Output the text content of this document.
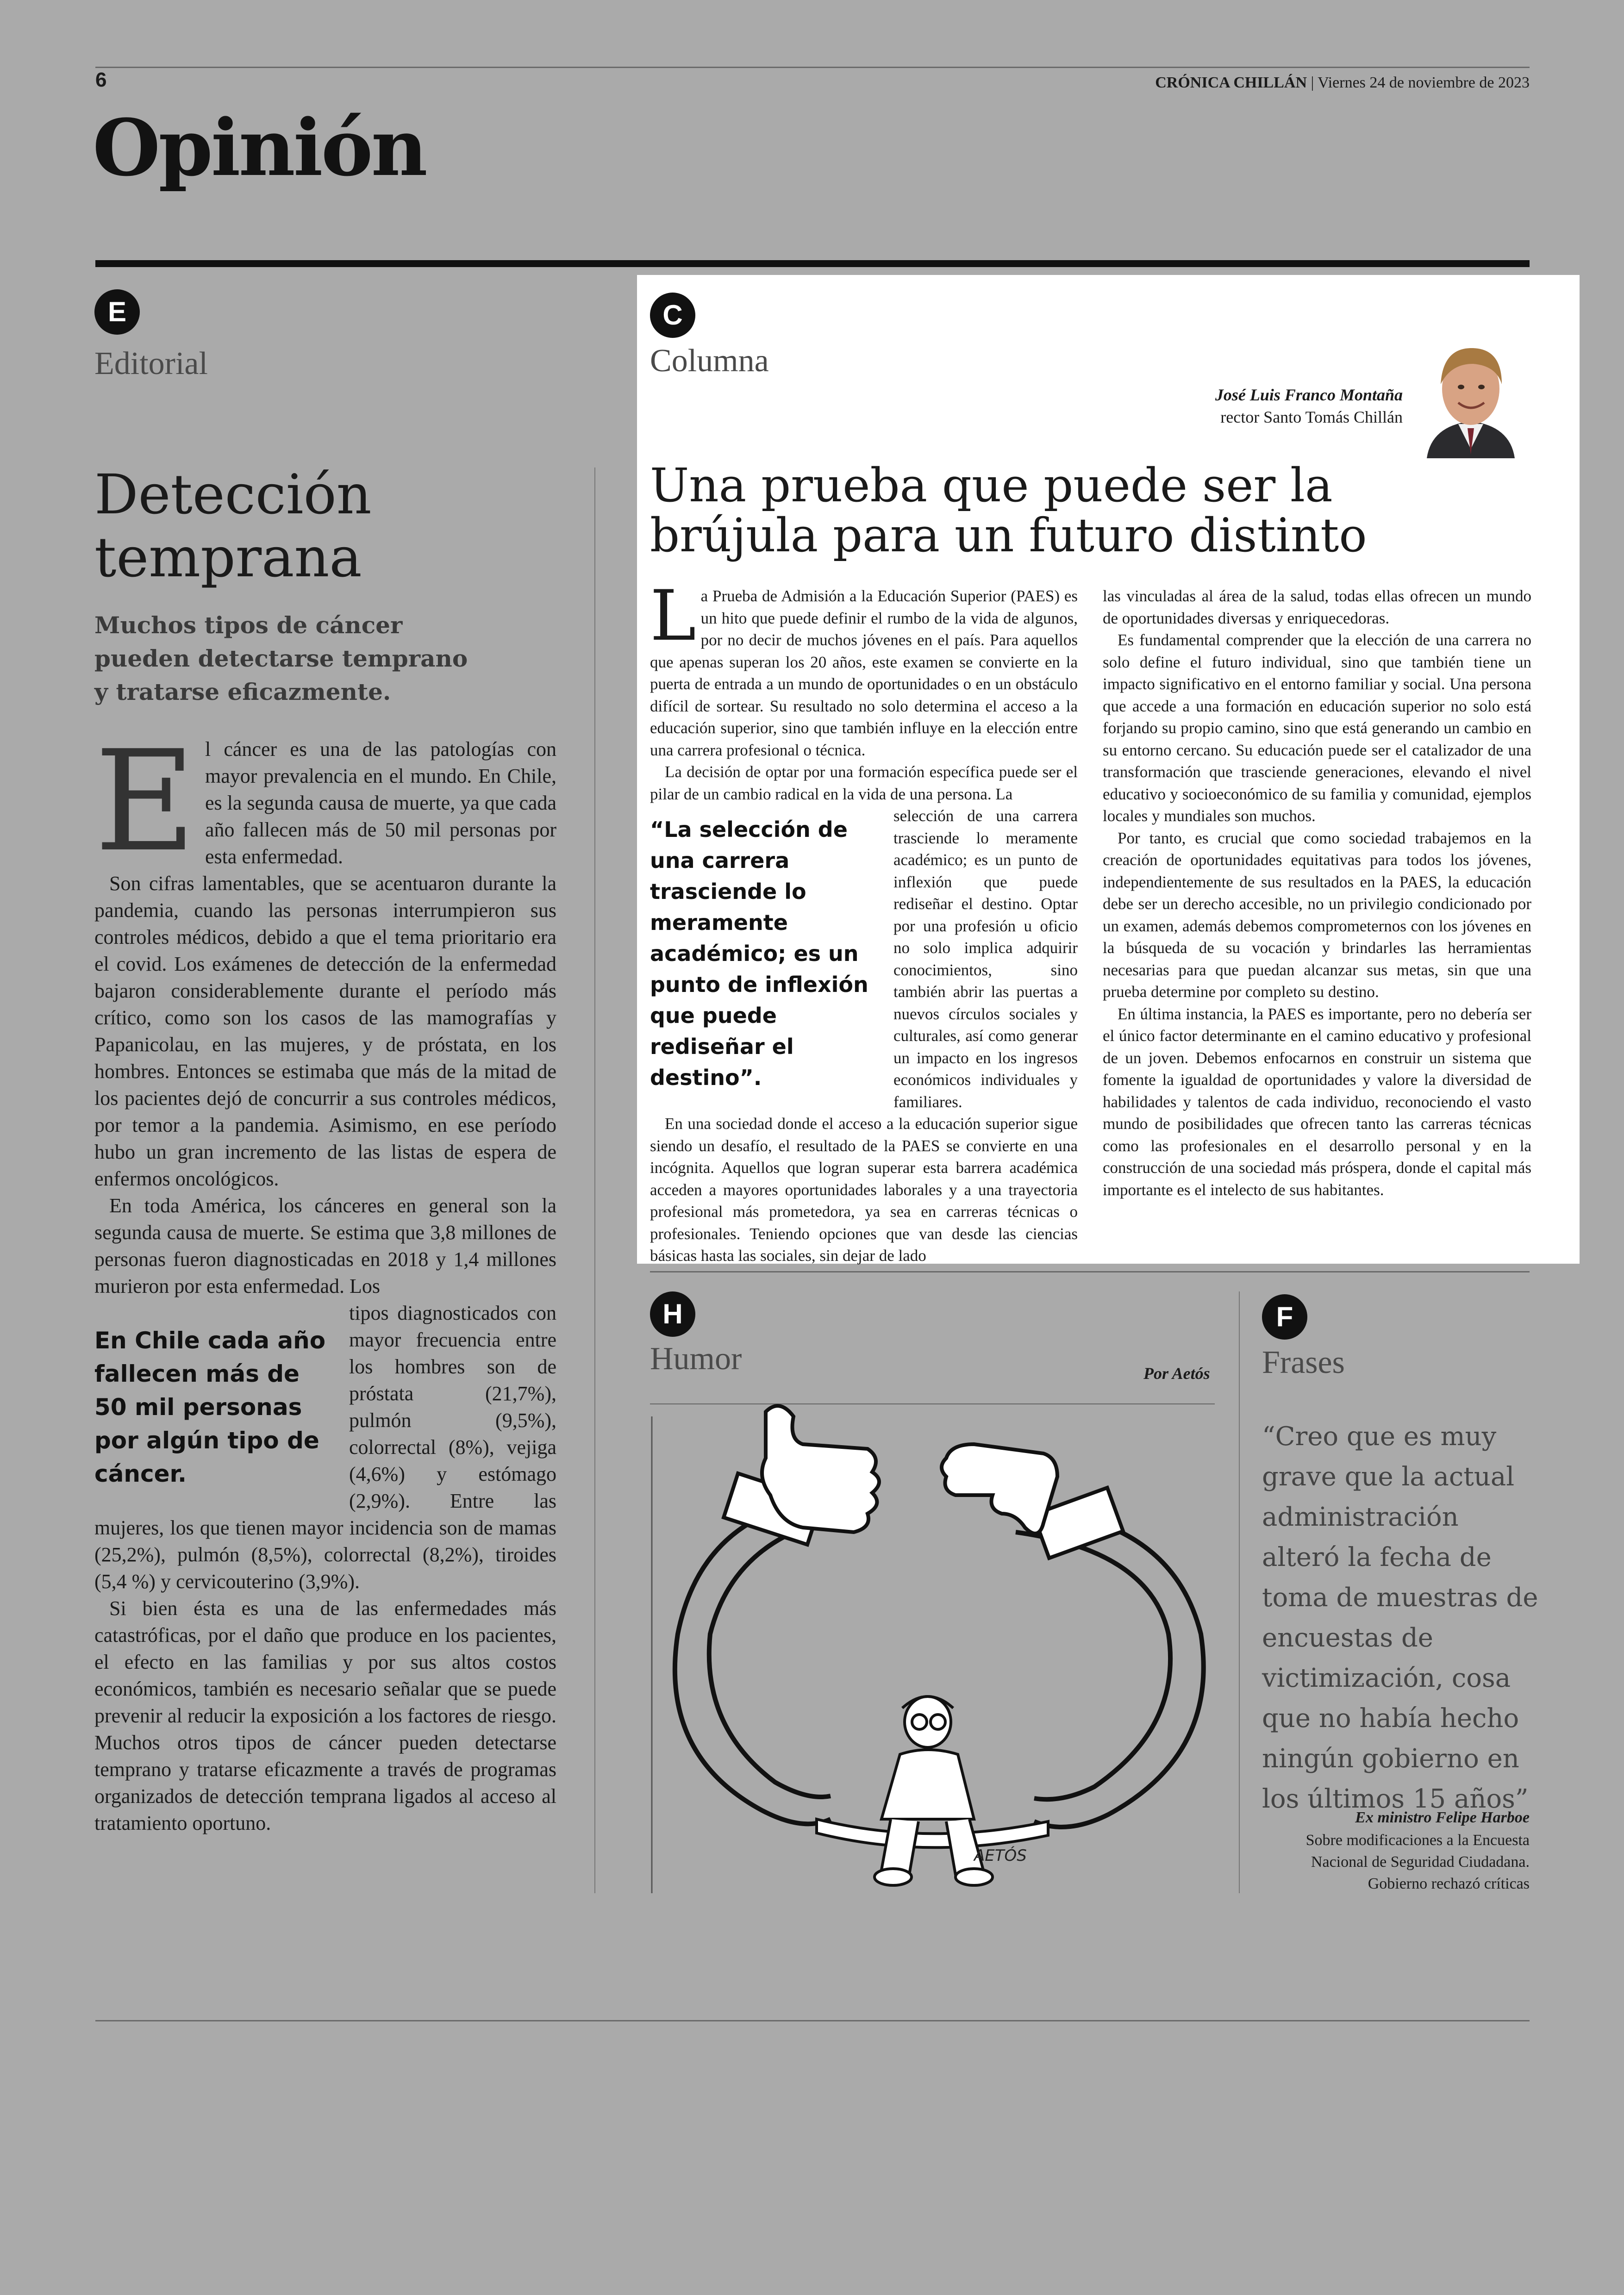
6	CRÓNICA CHILLÁN | Viernes 24 de noviembre de 2023
Opinión
E
Editorial
Detección temprana
Muchos tipos de cáncer pueden detectarse temprano y tratarse eficazmente.
E l cáncer es una de las patologías con mayor prevalencia en el mundo. En Chile, es la segunda causa de muerte, ya que cada año fallecen más de 50 mil personas por esta enfermedad.

Son cifras lamentables, que se acentuaron durante la pandemia, cuando las personas interrumpieron sus controles médicos, debido a que el tema prioritario era el covid. Los exámenes de detección de la enfermedad bajaron considerablemente durante el período más crítico, como son los casos de las mamografías y Papanicolau, en las mujeres, y de próstata, en los hombres. Entonces se estimaba que más de la mitad de los pacientes dejó de concurrir a sus controles médicos, por temor a la pandemia. Asimismo, en ese período hubo un gran incremento de las listas de espera de enfermos oncológicos.

En toda América, los cánceres en general son la segunda causa de muerte. Se estima que 3,8 millones de personas fueron diagnosticadas en 2018 y 1,4 millones murieron por esta enfermedad. Los

En Chile cada año fallecen más de 50 mil personas por algún tipo de cáncer.

tipos diagnosticados con mayor frecuencia entre los hombres son de próstata (21,7%), pulmón (9,5%), colorrectal (8%), vejiga (4,6%) y estómago (2,9%). Entre las mujeres, los que tienen mayor incidencia son de mamas (25,2%), pulmón (8,5%), colorrectal (8,2%), tiroides (5,4 %) y cervicouterino (3,9%).

Si bien ésta es una de las enfermedades más catastróficas, por el daño que produce en los pacientes, el efecto en las familias y por sus altos costos económicos, también es necesario señalar que se puede prevenir al reducir la exposición a los factores de riesgo. Muchos otros tipos de cáncer pueden detectarse temprano y tratarse eficazmente a través de programas organizados de detección temprana ligados al acceso al tratamiento oportuno.

C
Columna
José Luis Franco Montaña
rector Santo Tomás Chillán
Una prueba que puede ser la brújula para un futuro distinto
L a Prueba de Admisión a la Educación Superior (PAES) es un hito que puede definir el rumbo de la vida de algunos, por no decir de muchos jóvenes en el país. Para aquellos que apenas superan los 20 años, este examen se convierte en la puerta de entrada a un mundo de oportunidades o en un obstáculo difícil de sortear. Su resultado no solo determina el acceso a la educación superior, sino que también influye en la elección entre una carrera profesional o técnica.

La decisión de optar por una formación específica puede ser el pilar de un cambio radical en la vida de una persona. La

“La selección de una carrera trasciende lo meramente académico; es un punto de inflexión que puede rediseñar el destino”.

selección de una carrera trasciende lo meramente académico; es un punto de inflexión que puede rediseñar el destino. Optar por una profesión u oficio no solo implica adquirir conocimientos, sino también abrir las puertas a nuevos círculos sociales y culturales, así como generar un impacto en los ingresos económicos individuales y familiares.

En una sociedad donde el acceso a la educación superior sigue siendo un desafío, el resultado de la PAES se convierte en una incógnita. Aquellos que logran superar esta barrera académica acceden a mayores oportunidades laborales y a una trayectoria profesional más prometedora, ya sea en carreras técnicas o profesionales. Teniendo opciones que van desde las ciencias básicas hasta las sociales, sin dejar de lado

las vinculadas al área de la salud, todas ellas ofrecen un mundo de oportunidades diversas y enriquecedoras.

Es fundamental comprender que la elección de una carrera no solo define el futuro individual, sino que también tiene un impacto significativo en el entorno familiar y social. Una persona que accede a una formación en educación superior no solo está forjando su propio camino, sino que está generando un cambio en su entorno cercano. Su educación puede ser el catalizador de una transformación que trasciende generaciones, elevando el nivel educativo y socioeconómico de su familia y comunidad, ejemplos locales y mundiales son muchos.

Por tanto, es crucial que como sociedad trabajemos en la creación de oportunidades equitativas para todos los jóvenes, independientemente de sus resultados en la PAES, la educación debe ser un derecho accesible, no un privilegio condicionado por un examen, además debemos comprometernos con los jóvenes en la búsqueda de su vocación y brindarles las herramientas necesarias para que puedan alcanzar sus metas, sin que una prueba determine por completo su destino.

En última instancia, la PAES es importante, pero no debería ser el único factor determinante en el camino educativo y profesional de un joven. Debemos enfocarnos en construir un sistema que fomente la igualdad de oportunidades y valore la diversidad de habilidades y talentos de cada individuo, reconociendo el vasto mundo de posibilidades que ofrecen tanto las carreras técnicas como las profesionales en el desarrollo personal y en la construcción de una sociedad más próspera, donde el capital más importante es el intelecto de sus habitantes.

H
Humor	Por Aetós
AETÓS
F
Frases
“Creo que es muy grave que la actual administración alteró la fecha de toma de muestras de encuestas de victimización, cosa que no había hecho ningún gobierno en los últimos 15 años”
Ex ministro Felipe Harboe
Sobre modificaciones a la Encuesta Nacional de Seguridad Ciudadana. Gobierno rechazó críticas
